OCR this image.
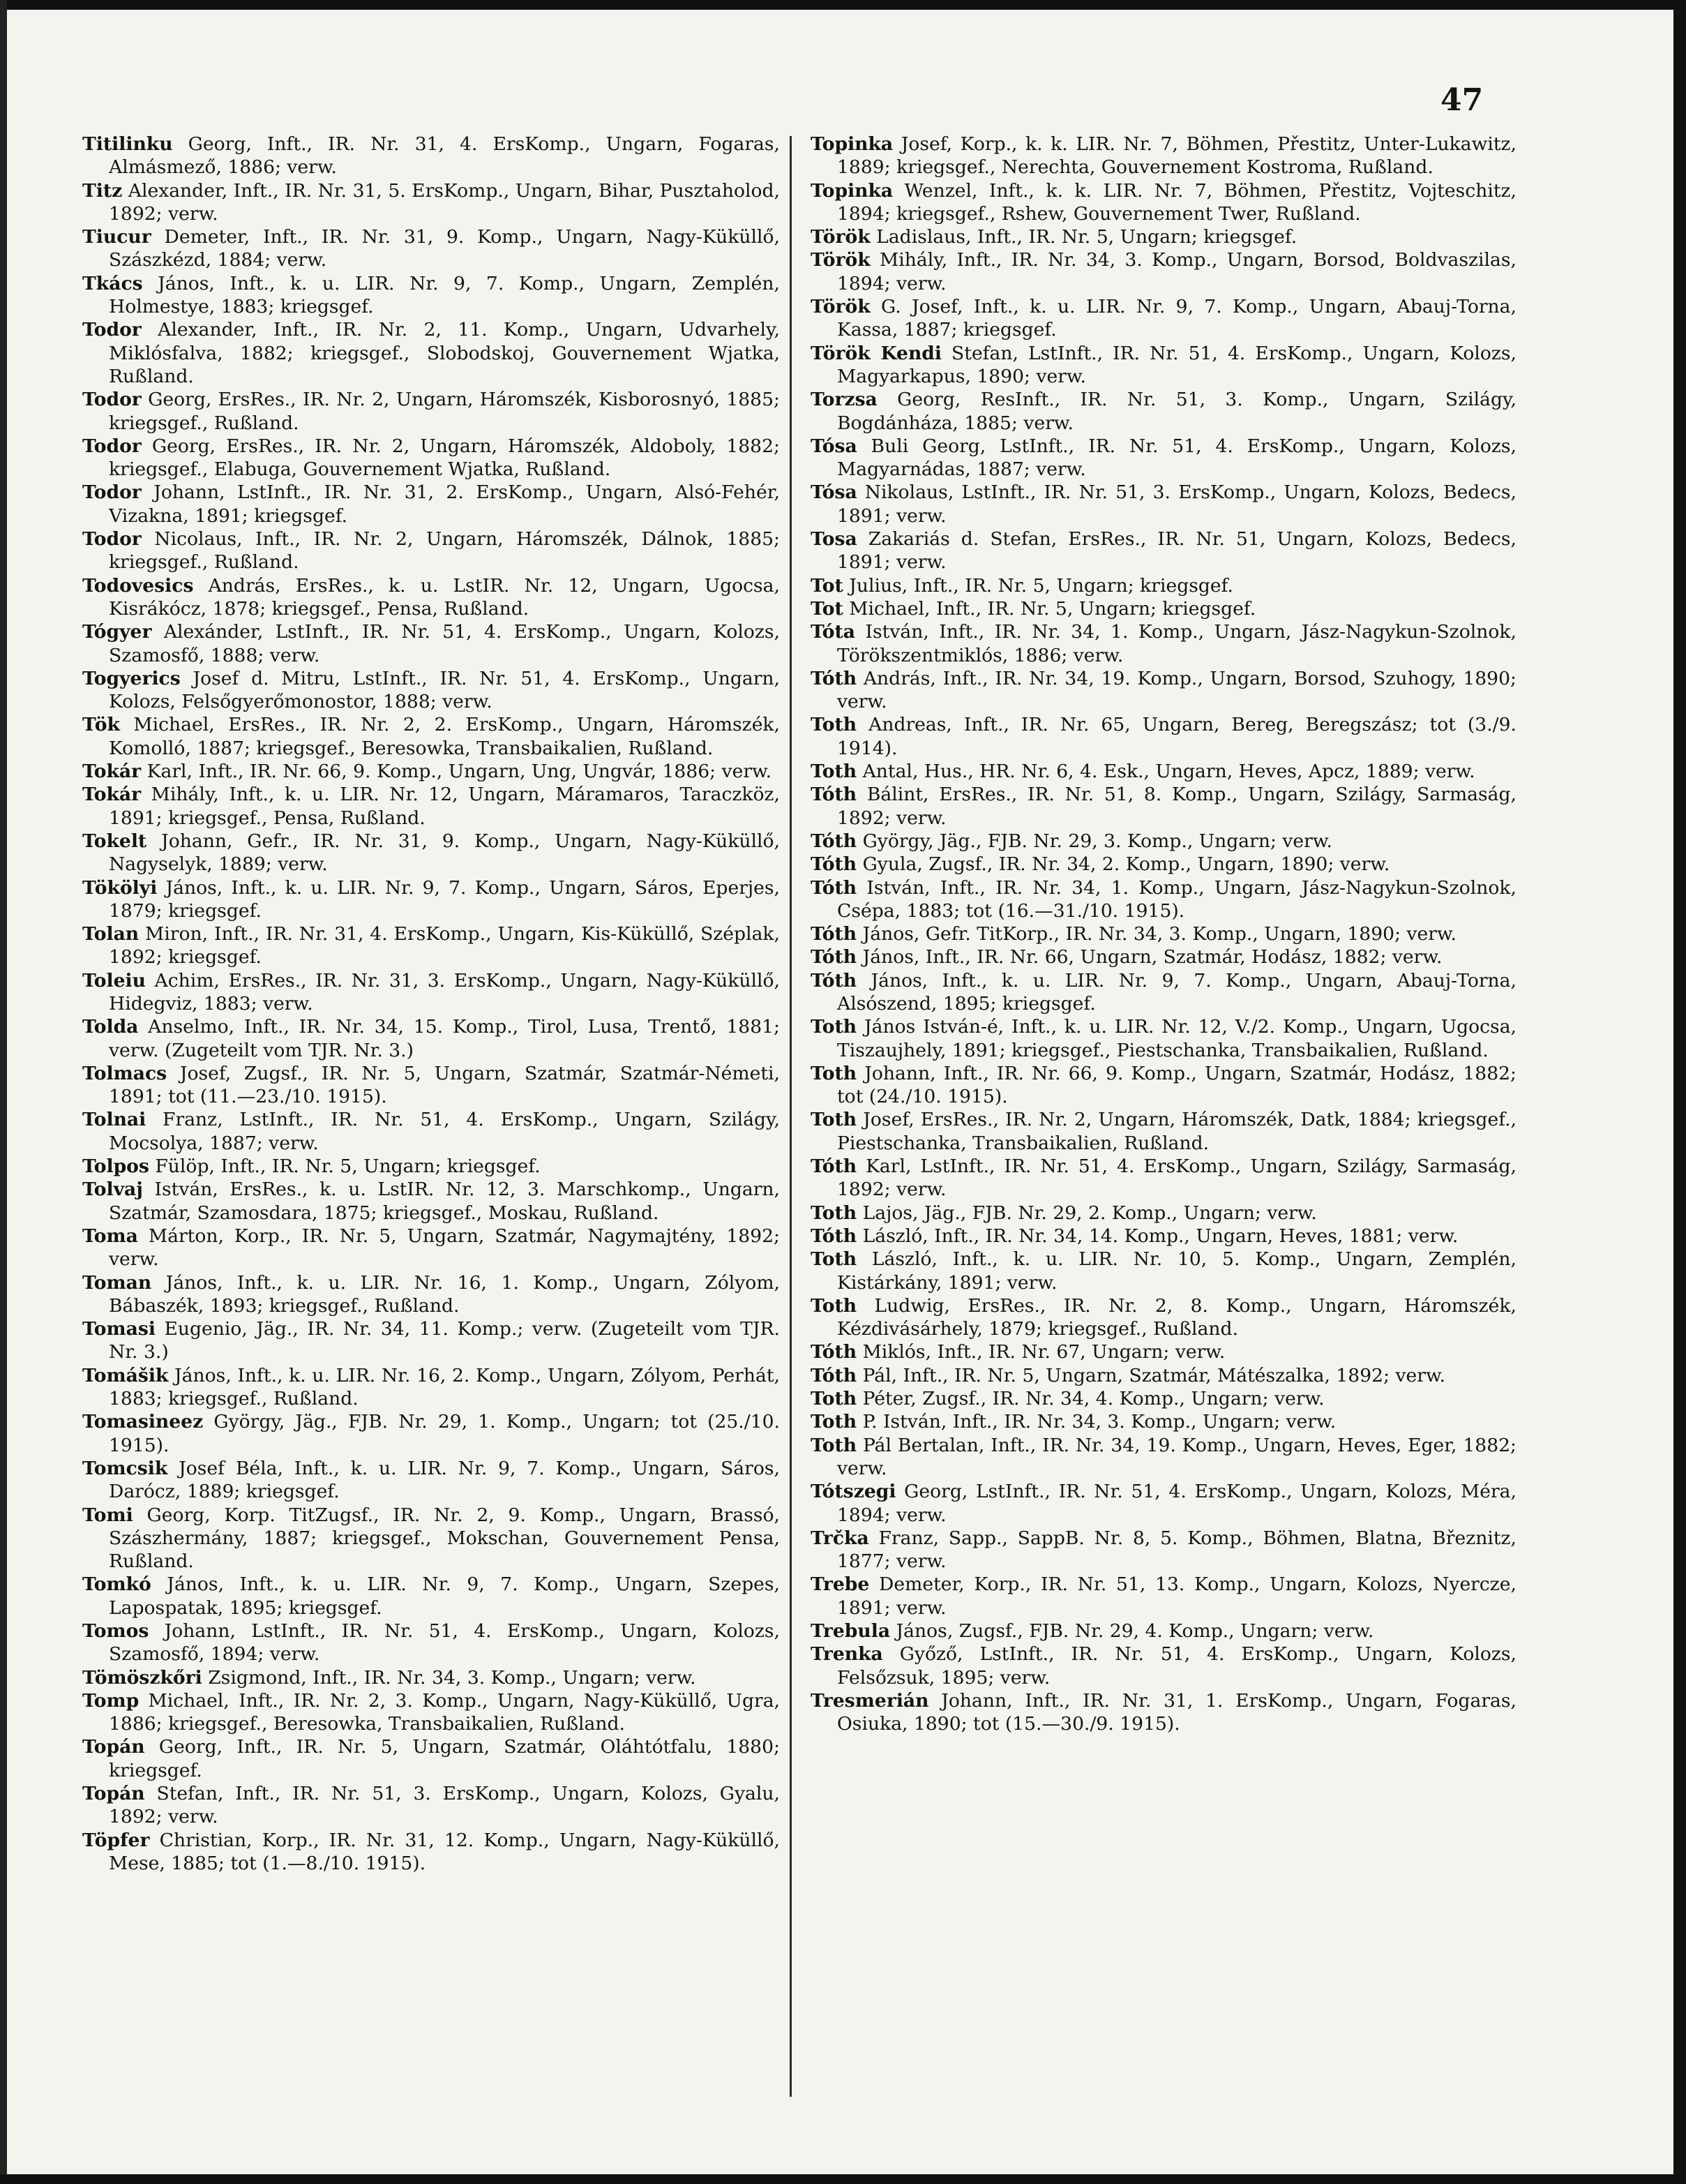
47

Titilinku Georg, Inft., IR. Nr. 31, 4. ErsKomp., Ungarn, Fogaras, Almásmező, 1886; verw.

Titz Alexander, Inft., IR. Nr. 31, 5. ErsKomp., Ungarn, Bihar, Pusztaholod, 1892; verw.

Tiucur Demeter, Inft., IR. Nr. 31, 9. Komp., Ungarn, Nagy-Küküllő, Szászkézd, 1884; verw.

Tkács János, Inft., k. u. LIR. Nr. 9, 7. Komp., Ungarn, Zemplén, Holmestye, 1883; kriegsgef.

Todor Alexander, Inft., IR. Nr. 2, 11. Komp., Ungarn, Udvarhely, Miklósfalva, 1882; kriegsgef., Slobodskoj, Gouvernement Wjatka, Rußland.

Todor Georg, ErsRes., IR. Nr. 2, Ungarn, Háromszék, Kisborosnyó, 1885; kriegsgef., Rußland.

Todor Georg, ErsRes., IR. Nr. 2, Ungarn, Háromszék, Aldoboly, 1882; kriegsgef., Elabuga, Gouvernement Wjatka, Rußland.

Todor Johann, LstInft., IR. Nr. 31, 2. ErsKomp., Ungarn, Alsó-Fehér, Vizakna, 1891; kriegsgef.

Todor Nicolaus, Inft., IR. Nr. 2, Ungarn, Háromszék, Dálnok, 1885; kriegsgef., Rußland.

Todovesics András, ErsRes., k. u. LstIR. Nr. 12, Ungarn, Ugocsa, Kisrákócz, 1878; kriegsgef., Pensa, Rußland.

Tógyer Alexánder, LstInft., IR. Nr. 51, 4. ErsKomp., Ungarn, Kolozs, Szamosfő, 1888; verw.

Togyerics Josef d. Mitru, LstInft., IR. Nr. 51, 4. ErsKomp., Ungarn, Kolozs, Felsőgyerőmonostor, 1888; verw.

Tök Michael, ErsRes., IR. Nr. 2, 2. ErsKomp., Ungarn, Háromszék, Komolló, 1887; kriegsgef., Beresowka, Transbaikalien, Rußland.

Tokár Karl, Inft., IR. Nr. 66, 9. Komp., Ungarn, Ung, Ungvár, 1886; verw.

Tokár Mihály, Inft., k. u. LIR. Nr. 12, Ungarn, Máramaros, Taraczköz, 1891; kriegsgef., Pensa, Rußland.

Tokelt Johann, Gefr., IR. Nr. 31, 9. Komp., Ungarn, Nagy-Küküllő, Nagyselyk, 1889; verw.

Tökölyi János, Inft., k. u. LIR. Nr. 9, 7. Komp., Ungarn, Sáros, Eperjes, 1879; kriegsgef.

Tolan Miron, Inft., IR. Nr. 31, 4. ErsKomp., Ungarn, Kis-Küküllő, Széplak, 1892; kriegsgef.

Toleiu Achim, ErsRes., IR. Nr. 31, 3. ErsKomp., Ungarn, Nagy-Küküllő, Hidegviz, 1883; verw.

Tolda Anselmo, Inft., IR. Nr. 34, 15. Komp., Tirol, Lusa, Trentő, 1881; verw. (Zugeteilt vom TJR. Nr. 3.)

Tolmacs Josef, Zugsf., IR. Nr. 5, Ungarn, Szatmár, Szatmár-Németi, 1891; tot (11.—23./10. 1915).

Tolnai Franz, LstInft., IR. Nr. 51, 4. ErsKomp., Ungarn, Szilágy, Mocsolya, 1887; verw.

Tolpos Fülöp, Inft., IR. Nr. 5, Ungarn; kriegsgef.

Tolvaj István, ErsRes., k. u. LstIR. Nr. 12, 3. Marschkomp., Ungarn, Szatmár, Szamosdara, 1875; kriegsgef., Moskau, Rußland.

Toma Márton, Korp., IR. Nr. 5, Ungarn, Szatmár, Nagymajtény, 1892; verw.

Toman János, Inft., k. u. LIR. Nr. 16, 1. Komp., Ungarn, Zólyom, Bábaszék, 1893; kriegsgef., Rußland.

Tomasi Eugenio, Jäg., IR. Nr. 34, 11. Komp.; verw. (Zugeteilt vom TJR. Nr. 3.)

Tomášik János, Inft., k. u. LIR. Nr. 16, 2. Komp., Ungarn, Zólyom, Perhát, 1883; kriegsgef., Rußland.

Tomasineez György, Jäg., FJB. Nr. 29, 1. Komp., Ungarn; tot (25./10. 1915).

Tomcsik Josef Béla, Inft., k. u. LIR. Nr. 9, 7. Komp., Ungarn, Sáros, Darócz, 1889; kriegsgef.

Tomi Georg, Korp. TitZugsf., IR. Nr. 2, 9. Komp., Ungarn, Brassó, Szászhermány, 1887; kriegsgef., Mokschan, Gouvernement Pensa, Rußland.

Tomkó János, Inft., k. u. LIR. Nr. 9, 7. Komp., Ungarn, Szepes, Lapospatak, 1895; kriegsgef.

Tomos Johann, LstInft., IR. Nr. 51, 4. ErsKomp., Ungarn, Kolozs, Szamosfő, 1894; verw.

Tömöszkőri Zsigmond, Inft., IR. Nr. 34, 3. Komp., Ungarn; verw.

Tomp Michael, Inft., IR. Nr. 2, 3. Komp., Ungarn, Nagy-Küküllő, Ugra, 1886; kriegsgef., Beresowka, Transbaikalien, Rußland.

Topán Georg, Inft., IR. Nr. 5, Ungarn, Szatmár, Oláhtótfalu, 1880; kriegsgef.

Topán Stefan, Inft., IR. Nr. 51, 3. ErsKomp., Ungarn, Kolozs, Gyalu, 1892; verw.

Töpfer Christian, Korp., IR. Nr. 31, 12. Komp., Ungarn, Nagy-Küküllő, Mese, 1885; tot (1.—8./10. 1915).

Topinka Josef, Korp., k. k. LIR. Nr. 7, Böhmen, Přestitz, Unter-Lukawitz, 1889; kriegsgef., Nerechta, Gouvernement Kostroma, Rußland.

Topinka Wenzel, Inft., k. k. LIR. Nr. 7, Böhmen, Přestitz, Vojteschitz, 1894; kriegsgef., Rshew, Gouvernement Twer, Rußland.

Török Ladislaus, Inft., IR. Nr. 5, Ungarn; kriegsgef.

Török Mihály, Inft., IR. Nr. 34, 3. Komp., Ungarn, Borsod, Boldvaszilas, 1894; verw.

Török G. Josef, Inft., k. u. LIR. Nr. 9, 7. Komp., Ungarn, Abauj-Torna, Kassa, 1887; kriegsgef.

Török Kendi Stefan, LstInft., IR. Nr. 51, 4. ErsKomp., Ungarn, Kolozs, Magyarkapus, 1890; verw.

Torzsa Georg, ResInft., IR. Nr. 51, 3. Komp., Ungarn, Szilágy, Bogdánháza, 1885; verw.

Tósa Buli Georg, LstInft., IR. Nr. 51, 4. ErsKomp., Ungarn, Kolozs, Magyarnádas, 1887; verw.

Tósa Nikolaus, LstInft., IR. Nr. 51, 3. ErsKomp., Ungarn, Kolozs, Bedecs, 1891; verw.

Tosa Zakariás d. Stefan, ErsRes., IR. Nr. 51, Ungarn, Kolozs, Bedecs, 1891; verw.

Tot Julius, Inft., IR. Nr. 5, Ungarn; kriegsgef.

Tot Michael, Inft., IR. Nr. 5, Ungarn; kriegsgef.

Tóta István, Inft., IR. Nr. 34, 1. Komp., Ungarn, Jász-Nagykun-Szolnok, Törökszentmiklós, 1886; verw.

Tóth András, Inft., IR. Nr. 34, 19. Komp., Ungarn, Borsod, Szuhogy, 1890; verw.

Toth Andreas, Inft., IR. Nr. 65, Ungarn, Bereg, Beregszász; tot (3./9. 1914).

Toth Antal, Hus., HR. Nr. 6, 4. Esk., Ungarn, Heves, Apcz, 1889; verw.

Tóth Bálint, ErsRes., IR. Nr. 51, 8. Komp., Ungarn, Szilágy, Sarmaság, 1892; verw.

Tóth György, Jäg., FJB. Nr. 29, 3. Komp., Ungarn; verw.

Tóth Gyula, Zugsf., IR. Nr. 34, 2. Komp., Ungarn, 1890; verw.

Tóth István, Inft., IR. Nr. 34, 1. Komp., Ungarn, Jász-Nagykun-Szolnok, Csépa, 1883; tot (16.—31./10. 1915).

Tóth János, Gefr. TitKorp., IR. Nr. 34, 3. Komp., Ungarn, 1890; verw.

Tóth János, Inft., IR. Nr. 66, Ungarn, Szatmár, Hodász, 1882; verw.

Tóth János, Inft., k. u. LIR. Nr. 9, 7. Komp., Ungarn, Abauj-Torna, Alsószend, 1895; kriegsgef.

Toth János István-é, Inft., k. u. LIR. Nr. 12, V./2. Komp., Ungarn, Ugocsa, Tiszaujhely, 1891; kriegsgef., Piestschanka, Transbaikalien, Rußland.

Toth Johann, Inft., IR. Nr. 66, 9. Komp., Ungarn, Szatmár, Hodász, 1882; tot (24./10. 1915).

Toth Josef, ErsRes., IR. Nr. 2, Ungarn, Háromszék, Datk, 1884; kriegsgef., Piestschanka, Transbaikalien, Rußland.

Tóth Karl, LstInft., IR. Nr. 51, 4. ErsKomp., Ungarn, Szilágy, Sarmaság, 1892; verw.

Toth Lajos, Jäg., FJB. Nr. 29, 2. Komp., Ungarn; verw.

Tóth László, Inft., IR. Nr. 34, 14. Komp., Ungarn, Heves, 1881; verw.

Toth László, Inft., k. u. LIR. Nr. 10, 5. Komp., Ungarn, Zemplén, Kistárkány, 1891; verw.

Toth Ludwig, ErsRes., IR. Nr. 2, 8. Komp., Ungarn, Háromszék, Kézdivásárhely, 1879; kriegsgef., Rußland.

Tóth Miklós, Inft., IR. Nr. 67, Ungarn; verw.

Tóth Pál, Inft., IR. Nr. 5, Ungarn, Szatmár, Mátészalka, 1892; verw.

Toth Péter, Zugsf., IR. Nr. 34, 4. Komp., Ungarn; verw.

Toth P. István, Inft., IR. Nr. 34, 3. Komp., Ungarn; verw.

Toth Pál Bertalan, Inft., IR. Nr. 34, 19. Komp., Ungarn, Heves, Eger, 1882; verw.

Tótszegi Georg, LstInft., IR. Nr. 51, 4. ErsKomp., Ungarn, Kolozs, Méra, 1894; verw.

Trčka Franz, Sapp., SappB. Nr. 8, 5. Komp., Böhmen, Blatna, Březnitz, 1877; verw.

Trebe Demeter, Korp., IR. Nr. 51, 13. Komp., Ungarn, Kolozs, Nyercze, 1891; verw.

Trebula János, Zugsf., FJB. Nr. 29, 4. Komp., Ungarn; verw.

Trenka Győző, LstInft., IR. Nr. 51, 4. ErsKomp., Ungarn, Kolozs, Felsőzsuk, 1895; verw.

Tresmerián Johann, Inft., IR. Nr. 31, 1. ErsKomp., Ungarn, Fogaras, Osiuka, 1890; tot (15.—30./9. 1915).
